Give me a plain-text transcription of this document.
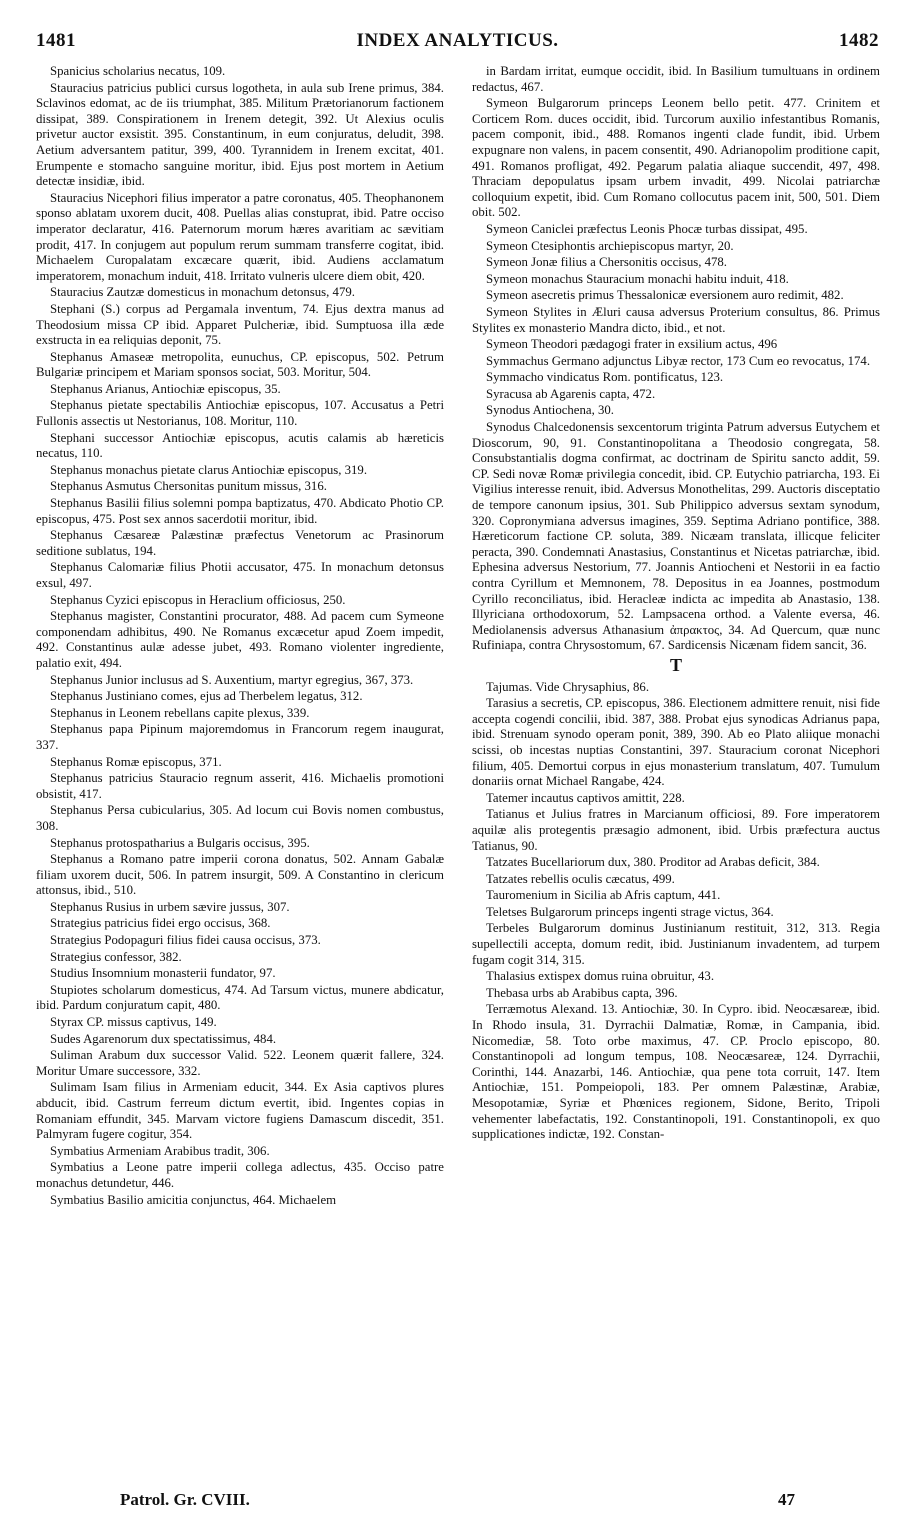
1481	INDEX ANALYTICUS.	1482

Spanicius scholarius necatus, 109.

Stauracius patricius publici cursus logotheta, in aula sub Irene primus, 384. Sclavinos edomat, ac de iis triumphat, 385. Militum Prætorianorum factionem dissipat, 389. Conspirationem in Irenem detegit, 392. Ut Alexius oculis privetur auctor exsistit. 395. Constantinum, in eum conjuratus, deludit, 398. Aetium adversantem patitur, 399, 400. Tyrannidem in Irenem excitat, 401. Erumpente e stomacho sanguine moritur, ibid. Ejus post mortem in Aetium detectæ insidiæ, ibid.

Stauracius Nicephori filius imperator a patre coronatus, 405. Theophanonem sponso ablatam uxorem ducit, 408. Puellas alias constuprat, ibid. Patre occiso imperator declaratur, 416. Paternorum morum hæres avaritiam ac sævitiam prodit, 417. In conjugem aut populum rerum summam transferre cogitat, ibid. Michaelem Curopalatam excæcare quærit, ibid. Audiens acclamatum imperatorem, monachum induit, 418. Irritato vulneris ulcere diem obit, 420.

Stauracius Zautzæ domesticus in monachum detonsus, 479.

Stephani (S.) corpus ad Pergamala inventum, 74. Ejus dextra manus ad Theodosium missa CP ibid. Apparet Pulcheriæ, ibid. Sumptuosa illa æde exstructa in ea reliquias deponit, 75.

Stephanus Amaseæ metropolita, eunuchus, CP. episcopus, 502. Petrum Bulgariæ principem et Mariam sponsos sociat, 503. Moritur, 504.

Stephanus Arianus, Antiochiæ episcopus, 35.

Stephanus pietate spectabilis Antiochiæ episcopus, 107. Accusatus a Petri Fullonis assectis ut Nestorianus, 108. Moritur, 110.

Stephani successor Antiochiæ episcopus, acutis calamis ab hæreticis necatus, 110.

Stephanus monachus pietate clarus Antiochiæ episcopus, 319.

Stephanus Asmutus Chersonitas punitum missus, 316.

Stephanus Basilii filius solemni pompa baptizatus, 470. Abdicato Photio CP. episcopus, 475. Post sex annos sacerdotii moritur, ibid.

Stephanus Cæsareæ Palæstinæ præfectus Venetorum ac Prasinorum seditione sublatus, 194.

Stephanus Calomariæ filius Photii accusator, 475. In monachum detonsus exsul, 497.

Stephanus Cyzici episcopus in Heraclium officiosus, 250.

Stephanus magister, Constantini procurator, 488. Ad pacem cum Symeone componendam adhibitus, 490. Ne Romanus excæcetur apud Zoem impedit, 492. Constantinus aulæ adesse jubet, 493. Romano violenter ingrediente, palatio exit, 494.

Stephanus Junior inclusus ad S. Auxentium, martyr egregius, 367, 373.

Stephanus Justiniano comes, ejus ad Therbelem legatus, 312.

Stephanus in Leonem rebellans capite plexus, 339.

Stephanus papa Pipinum majoremdomus in Francorum regem inaugurat, 337.

Stephanus Romæ episcopus, 371.

Stephanus patricius Stauracio regnum asserit, 416. Michaelis promotioni obsistit, 417.

Stephanus Persa cubicularius, 305. Ad locum cui Bovis nomen combustus, 308.

Stephanus protospatharius a Bulgaris occisus, 395.

Stephanus a Romano patre imperii corona donatus, 502. Annam Gabalæ filiam uxorem ducit, 506. In patrem insurgit, 509. A Constantino in clericum attonsus, ibid., 510.

Stephanus Rusius in urbem sævire jussus, 307.

Strategius patricius fidei ergo occisus, 368.

Strategius Podopaguri filius fidei causa occisus, 373.

Strategius confessor, 382.

Studius Insomnium monasterii fundator, 97.

Stupiotes scholarum domesticus, 474. Ad Tarsum victus, munere abdicatur, ibid. Pardum conjuratum capit, 480.

Styrax CP. missus captivus, 149.

Sudes Agarenorum dux spectatissimus, 484.

Suliman Arabum dux successor Valid. 522. Leonem quærit fallere, 324. Moritur Umare successore, 332.

Sulimam Isam filius in Armeniam educit, 344. Ex Asia captivos plures abducit, ibid. Castrum ferreum dictum evertit, ibid. Ingentes copias in Romaniam effundit, 345. Marvam victore fugiens Damascum discedit, 351. Palmyram fugere cogitur, 354.

Symbatius Armeniam Arabibus tradit, 306.

Symbatius a Leone patre imperii collega adlectus, 435. Occiso patre monachus detundetur, 446.

Symbatius Basilio amicitia conjunctus, 464. Michaelem

in Bardam irritat, eumque occidit, ibid. In Basilium tumultuans in ordinem redactus, 467.

Symeon Bulgarorum princeps Leonem bello petit. 477. Crinitem et Corticem Rom. duces occidit, ibid. Turcorum auxilio infestantibus Romanis, pacem componit, ibid., 488. Romanos ingenti clade fundit, ibid. Urbem expugnare non valens, in pacem consentit, 490. Adrianopolim proditione capit, 491. Romanos profligat, 492. Pegarum palatia aliaque succendit, 497, 498. Thraciam depopulatus ipsam urbem invadit, 499. Nicolai patriarchæ colloquium expetit, ibid. Cum Romano collocutus pacem init, 500, 501. Diem obit. 502.

Symeon Caniclei præfectus Leonis Phocæ turbas dissipat, 495.

Symeon Ctesiphontis archiepiscopus martyr, 20.

Symeon Jonæ filius a Chersonitis occisus, 478.

Symeon monachus Stauracium monachi habitu induit, 418.

Symeon asecretis primus Thessalonicæ eversionem auro redimit, 482.

Symeon Stylites in Æluri causa adversus Proterium consultus, 86. Primus Stylites ex monasterio Mandra dicto, ibid., et not.

Symeon Theodori pædagogi frater in exsilium actus, 496

Symmachus Germano adjunctus Libyæ rector, 173 Cum eo revocatus, 174.

Symmacho vindicatus Rom. pontificatus, 123.

Syracusa ab Agarenis capta, 472.

Synodus Antiochena, 30.

Synodus Chalcedonensis sexcentorum triginta Patrum adversus Eutychem et Dioscorum, 90, 91. Constantinopolitana a Theodosio congregata, 58. Consubstantialis dogma confirmat, ac doctrinam de Spiritu sancto addit, 59. CP. Sedi novæ Romæ privilegia concedit, ibid. CP. Eutychio patriarcha, 193. Ei Vigilius interesse renuit, ibid. Adversus Monothelitas, 299. Auctoris disceptatio de tempore canonum ipsius, 301. Sub Philippico adversus sextam synodum, 320. Copronymiana adversus imagines, 359. Septima Adriano pontifice, 388. Hæreticorum factione CP. soluta, 389. Nicæam translata, illicque feliciter peracta, 390. Condemnati Anastasius, Constantinus et Nicetas patriarchæ, ibid. Ephesina adversus Nestorium, 77. Joannis Antiocheni et Nestorii in ea factio contra Cyrillum et Memnonem, 78. Depositus in ea Joannes, postmodum Cyrillo reconciliatus, ibid. Heracleæ indicta ac impedita ab Anastasio, 138. Illyriciana orthodoxorum, 52. Lampsacena orthod. a Valente eversa, 46. Mediolanensis adversus Athanasium ἀπρακτος, 34. Ad Quercum, quæ nunc Rufiniapa, contra Chrysostomum, 67. Sardicensis Nicænam fidem sancit, 36.

T

Tajumas. Vide Chrysaphius, 86.

Tarasius a secretis, CP. episcopus, 386. Electionem admittere renuit, nisi fide accepta cogendi concilii, ibid. 387, 388. Probat ejus synodicas Adrianus papa, ibid. Strenuam synodo operam ponit, 389, 390. Ab eo Plato aliique monachi scissi, ob incestas nuptias Constantini, 397. Stauracium coronat Nicephori filium, 405. Demortui corpus in ejus monasterium translatum, 407. Tumulum donariis ornat Michael Rangabe, 424.

Tatemer incautus captivos amittit, 228.

Tatianus et Julius fratres in Marcianum officiosi, 89. Fore imperatorem aquilæ alis protegentis præsagio admonent, ibid. Urbis præfectura auctus Tatianus, 90.

Tatzates Bucellariorum dux, 380. Proditor ad Arabas deficit, 384.

Tatzates rebellis oculis cæcatus, 499.

Tauromenium in Sicilia ab Afris captum, 441.

Teletses Bulgarorum princeps ingenti strage victus, 364.

Terbeles Bulgarorum dominus Justinianum restituit, 312, 313. Regia supellectili accepta, domum redit, ibid. Justinianum invadentem, ad turpem fugam cogit 314, 315.

Thalasius extispex domus ruina obruitur, 43.

Thebasa urbs ab Arabibus capta, 396.

Terræmotus Alexand. 13. Antiochiæ, 30. In Cypro. ibid. Neocæsareæ, ibid. In Rhodo insula, 31. Dyrrachii Dalmatiæ, Romæ, in Campania, ibid. Nicomediæ, 58. Toto orbe maximus, 47. CP. Proclo episcopo, 80. Constantinopoli ad longum tempus, 108. Neocæsareæ, 124. Dyrrachii, Corinthi, 144. Anazarbi, 146. Antiochiæ, qua pene tota corruit, 147. Item Antiochiæ, 151. Pompeiopoli, 183. Per omnem Palæstinæ, Arabiæ, Mesopotamiæ, Syriæ et Phœnices regionem, Sidone, Berito, Tripoli vehementer labefactatis, 192. Constantinopoli, 191. Constantinopoli, ex quo supplicationes indictæ, 192. Constan-

Patrol. Gr. CVIII.	47
